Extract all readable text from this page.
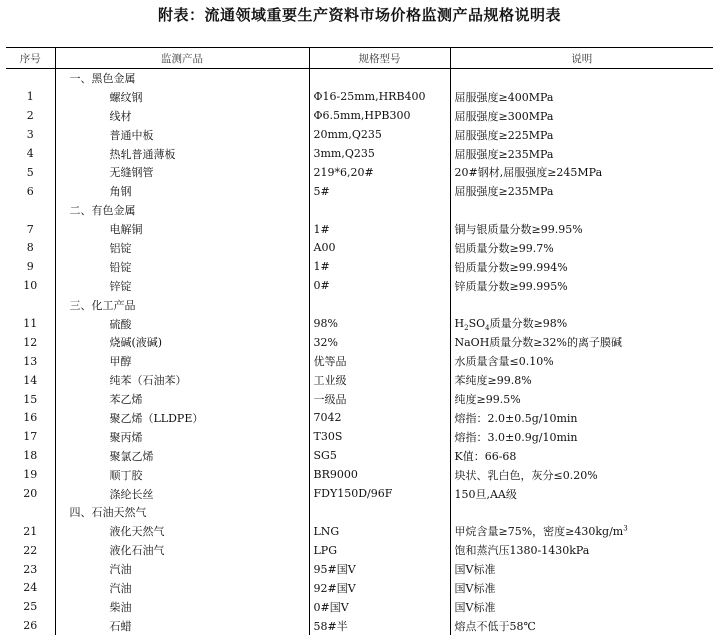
附表：流通领域重要生产资料市场价格监测产品规格说明表
序号	监测产品	规格型号	说明
	一、黑色金属		
1	螺纹钢	Φ16-25mm,HRB400	屈服强度≥400MPa
2	线材	Φ6.5mm,HPB300	屈服强度≥300MPa
3	普通中板	20mm,Q235	屈服强度≥225MPa
4	热轧普通薄板	3mm,Q235	屈服强度≥235MPa
5	无缝钢管	219*6,20#	20#钢材,屈服强度≥245MPa
6	角钢	5#	屈服强度≥235MPa
	二、有色金属		
7	电解铜	1#	铜与银质量分数≥99.95%
8	铝锭	A00	铝质量分数≥99.7%
9	铅锭	1#	铅质量分数≥99.994%
10	锌锭	0#	锌质量分数≥99.995%
	三、化工产品		
11	硫酸	98%	$H_2SO_4$质量分数≥98%
12	烧碱(液碱)	32%	NaOH质量分数≥32%的离子膜碱
13	甲醇	优等品	水质量含量≤0.10%
14	纯苯（石油苯）	工业级	苯纯度≥99.8%
15	苯乙烯	一级品	纯度≥99.5%
16	聚乙烯（LLDPE）	7042	熔指：2.0±0.5g/10min
17	聚丙烯	T30S	熔指：3.0±0.9g/10min
18	聚氯乙烯	SG5	K值：66-68
19	顺丁胶	BR9000	块状、乳白色，灰分≤0.20%
20	涤纶长丝	FDY150D/96F	150旦,AA级
	四、石油天然气		
21	液化天然气	LNG	甲烷含量≥75%，密度$\ge 430kg/m^3$
22	液化石油气	LPG	饱和蒸汽压1380-1430kPa
23	汽油	95#国Ⅴ	国Ⅴ标准
24	汽油	92#国Ⅴ	国Ⅴ标准
25	柴油	0#国Ⅴ	国Ⅴ标准
26	石蜡	58#半	熔点不低于58℃
